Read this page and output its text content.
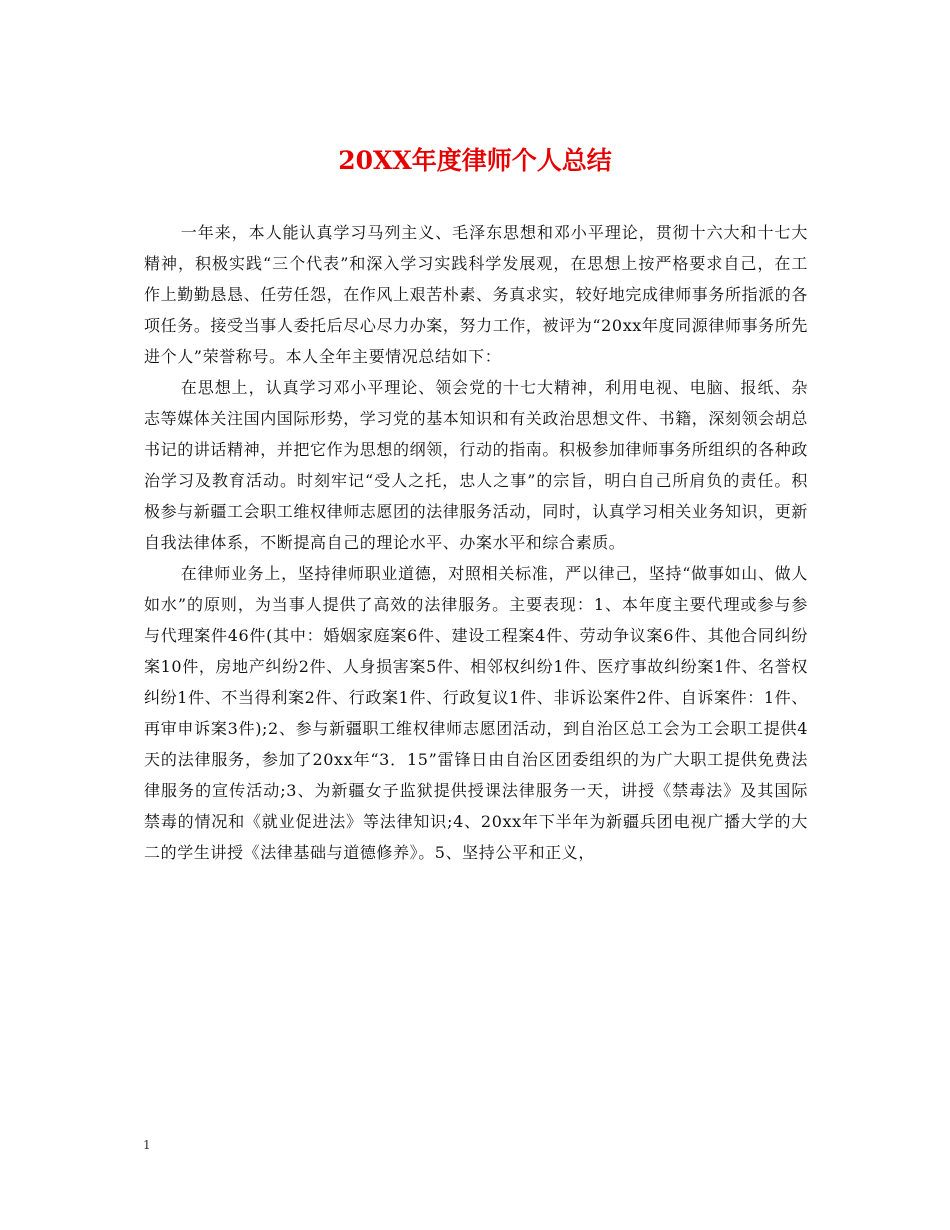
20XX年度律师个人总结

一年来，本人能认真学习马列主义、毛泽东思想和邓小平理论，贯彻十六大和十七大精神，积极实践“三个代表”和深入学习实践科学发展观，在思想上按严格要求自己，在工作上勤勤恳恳、任劳任怨，在作风上艰苦朴素、务真求实，较好地完成律师事务所指派的各项任务。接受当事人委托后尽心尽力办案，努力工作，被评为“20xx年度同源律师事务所先进个人”荣誉称号。本人全年主要情况总结如下：

在思想上，认真学习邓小平理论、领会党的十七大精神，利用电视、电脑、报纸、杂志等媒体关注国内国际形势，学习党的基本知识和有关政治思想文件、书籍，深刻领会胡总书记的讲话精神，并把它作为思想的纲领，行动的指南。积极参加律师事务所组织的各种政治学习及教育活动。时刻牢记“受人之托，忠人之事”的宗旨，明白自己所肩负的责任。积极参与新疆工会职工维权律师志愿团的法律服务活动，同时，认真学习相关业务知识，更新自我法律体系，不断提高自己的理论水平、办案水平和综合素质。

在律师业务上，坚持律师职业道德，对照相关标准，严以律己，坚持“做事如山、做人如水”的原则，为当事人提供了高效的法律服务。主要表现：1、本年度主要代理或参与参与代理案件46件(其中：婚姻家庭案6件、建设工程案4件、劳动争议案6件、其他合同纠纷案10件，房地产纠纷2件、人身损害案5件、相邻权纠纷1件、医疗事故纠纷案1件、名誉权纠纷1件、不当得利案2件、行政案1件、行政复议1件、非诉讼案件2件、自诉案件：1件、再审申诉案3件);2、参与新疆职工维权律师志愿团活动，到自治区总工会为工会职工提供4天的法律服务，参加了20xx年“3．15”雷锋日由自治区团委组织的为广大职工提供免费法律服务的宣传活动;3、为新疆女子监狱提供授课法律服务一天，讲授《禁毒法》及其国际禁毒的情况和《就业促进法》等法律知识;4、20xx年下半年为新疆兵团电视广播大学的大二的学生讲授《法律基础与道德修养》。5、坚持公平和正义，

1
